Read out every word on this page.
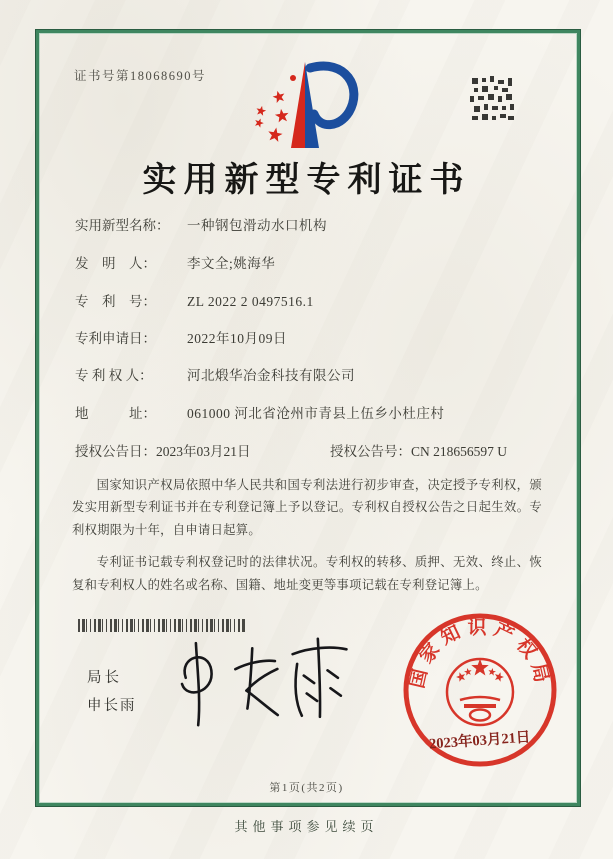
证书号第18068690号
实用新型专利证书
实用新型名称： 一种钢包滑动水口机构
发　明　人： 李文全;姚海华
专　利　号： ZL 2022 2 0497516.1
专利申请日： 2022年10月09日
专 利 权 人：	河北煅华冶金科技有限公司
地　　　址： 061000 河北省沧州市青县上伍乡小杜庄村
授权公告日：2023年03月21日	授权公告号：CN 218656597 U

国家知识产权局依照中华人民共和国专利法进行初步审查，决定授予专利权，颁发实用新型专利证书并在专利登记簿上予以登记。专利权自授权公告之日起生效。专利权期限为十年，自申请日起算。

专利证书记载专利权登记时的法律状况。专利权的转移、质押、无效、终止、恢复和专利权人的姓名或名称、国籍、地址变更等事项记载在专利登记簿上。

局长
申长雨
国家知识产权局
2023年03月21日
第1页(共2页)
其他事项参见续页
